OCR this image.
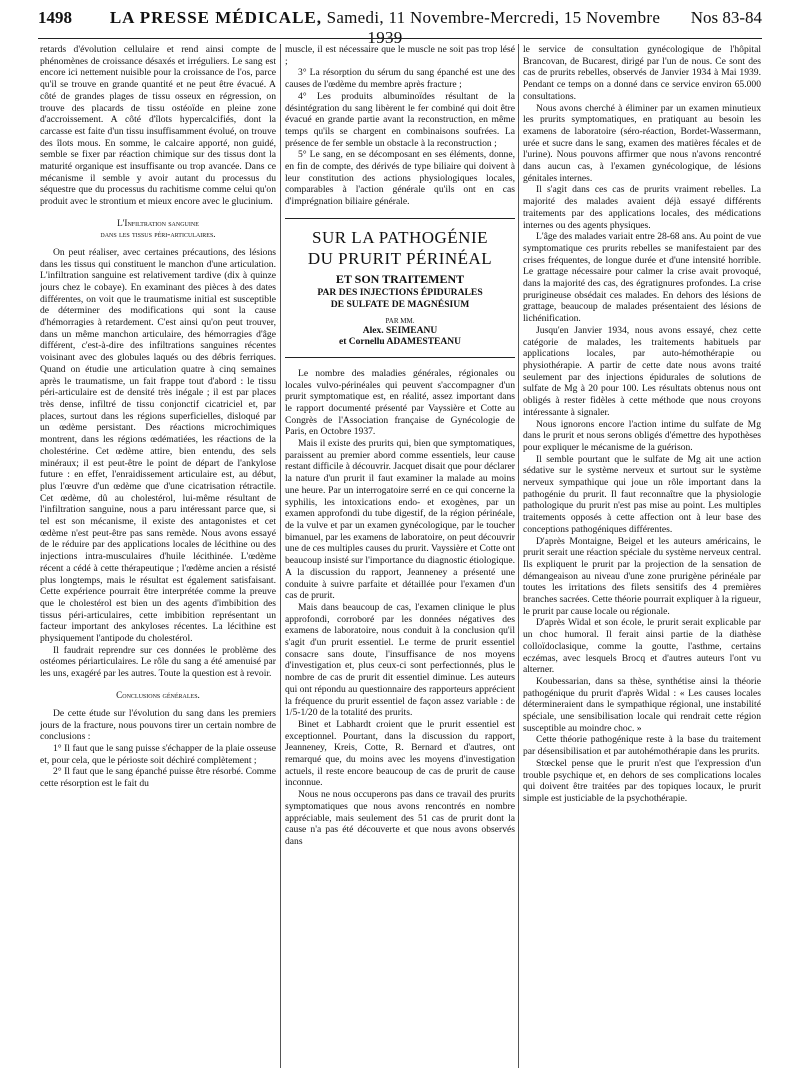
1498	LA PRESSE MÉDICALE, Samedi, 11 Novembre-Mercredi, 15 Novembre 1939
Nos 83-84

retards d'évolution cellulaire et rend ainsi compte de phénomènes de croissance désaxés et irréguliers. Le sang est encore ici nettement nuisible pour la croissance de l'os, parce qu'il se trouve en grande quantité et ne peut être évacué. A côté de grandes plages de tissu osseux en régression, on trouve des placards de tissu ostéoïde en pleine zone d'accroissement. A côté d'îlots hypercalcifiés, dont la carcasse est faite d'un tissu insuffisamment évolué, on trouve des îlots mous. En somme, le calcaire apporté, non guidé, semble se fixer par réaction chimique sur des tissus dont la maturité organique est insuffisante ou trop avancée. Dans ce mécanisme il semble y avoir autant du processus du séquestre que du processus du rachitisme comme celui qu'on produit avec le strontium et mieux encore avec le glucinium.

L'Infiltration sanguine
dans les tissus péri-articulaires.

On peut réaliser, avec certaines précautions, des lésions dans les tissus qui constituent le manchon d'une articulation. L'infiltration sanguine est relativement tardive (dix à quinze jours chez le cobaye). En examinant des pièces à des dates différentes, on voit que le traumatisme initial est susceptible de déterminer des modifications qui sont la cause d'hémorragies à retardement. C'est ainsi qu'on peut trouver, dans un même manchon articulaire, des hémorragies d'âge différent, c'est-à-dire des infiltrations sanguines récentes voisinant avec des globules laqués ou des débris ferriques. Quand on étudie une articulation quatre à cinq semaines après le traumatisme, un fait frappe tout d'abord : le tissu péri-articulaire est de densité très inégale ; il est par places très dense, infiltré de tissu conjonctif cicatriciel et, par places, surtout dans les régions superficielles, disloqué par un œdème persistant. Des réactions microchimiques montrent, dans les régions œdématiées, les réactions de la cholestérine. Cet œdème attire, bien entendu, des sels minéraux; il est peut-être le point de départ de l'ankylose future : en effet, l'enraidissement articulaire est, au début, plus l'œuvre d'un œdème que d'une cicatrisation rétractile. Cet œdème, dû au cholestérol, lui-même résultant de l'infiltration sanguine, nous a paru intéressant parce que, si tel est son mécanisme, il existe des antagonistes et cet œdème n'est peut-être pas sans remède. Nous avons essayé de le réduire par des applications locales de lécithine ou des injections intra-musculaires d'huile lécithinée. L'œdème récent a cédé à cette thérapeutique ; l'œdème ancien a résisté plus longtemps, mais le résultat est également satisfaisant. Cette expérience pourrait être interprétée comme la preuve que le cholestérol est bien un des agents d'imbibition des tissus péri-articulaires, cette imbibition représentant un facteur important des ankyloses récentes. La lécithine est physiquement l'antipode du cholestérol.

Il faudrait reprendre sur ces données le problème des ostéomes périarticulaires. Le rôle du sang a été amenuisé par les uns, exagéré par les autres. Toute la question est à revoir.

Conclusions générales.

De cette étude sur l'évolution du sang dans les premiers jours de la fracture, nous pouvons tirer un certain nombre de conclusions :

1° Il faut que le sang puisse s'échapper de la plaie osseuse et, pour cela, que le périoste soit déchiré complètement ;

2° Il faut que le sang épanché puisse être résorbé. Comme cette résorption est le fait du

muscle, il est nécessaire que le muscle ne soit pas trop lésé ;

3° La résorption du sérum du sang épanché est une des causes de l'œdème du membre après fracture ;

4° Les produits albuminoïdes résultant de la désintégration du sang libèrent le fer combiné qui doit être évacué en grande partie avant la reconstruction, en même temps qu'ils se chargent en combinaisons soufrées. La présence de fer semble un obstacle à la reconstruction ;

5° Le sang, en se décomposant en ses éléments, donne, en fin de compte, des dérivés de type biliaire qui doivent à leur constitution des actions physiologiques locales, comparables à l'action générale qu'ils ont en cas d'imprégnation biliaire générale.

SUR LA PATHOGÉNIE
DU PRURIT PÉRINÉAL
ET SON TRAITEMENT
PAR DES INJECTIONS ÉPIDURALES
DE SULFATE DE MAGNÉSIUM
PAR MM.
Alex. SEIMEANU
et Cornellu ADAMESTEANU

Le nombre des maladies générales, régionales ou locales vulvo-périnéales qui peuvent s'accompagner d'un prurit symptomatique est, en réalité, assez important dans le rapport documenté présenté par Vayssière et Cotte au Congrès de l'Association française de Gynécologie de Paris, en Octobre 1937.

Mais il existe des prurits qui, bien que symptomatiques, paraissent au premier abord comme essentiels, leur cause restant difficile à découvrir. Jacquet disait que pour déclarer la nature d'un prurit il faut examiner la malade au moins une heure. Par un interrogatoire serré en ce qui concerne la syphilis, les intoxications endo- et exogènes, par un examen approfondi du tube digestif, de la région périnéale, de la vulve et par un examen gynécologique, par le toucher bimanuel, par les examens de laboratoire, on peut découvrir une de ces multiples causes du prurit. Vayssière et Cotte ont beaucoup insisté sur l'importance du diagnostic étiologique. A la discussion du rapport, Jeanneney a présenté une conduite à suivre parfaite et détaillée pour l'examen d'un cas de prurit.

Mais dans beaucoup de cas, l'examen clinique le plus approfondi, corroboré par les données négatives des examens de laboratoire, nous conduit à la conclusion qu'il s'agit d'un prurit essentiel. Le terme de prurit essentiel consacre sans doute, l'insuffisance de nos moyens d'investigation et, plus ceux-ci sont perfectionnés, plus le nombre de cas de prurit dit essentiel diminue. Les auteurs qui ont répondu au questionnaire des rapporteurs apprécient la fréquence du prurit essentiel de façon assez variable : de 1/5-1/20 de la totalité des prurits.

Binet et Labhardt croient que le prurit essentiel est exceptionnel. Pourtant, dans la discussion du rapport, Jeanneney, Kreis, Cotte, R. Bernard et d'autres, ont remarqué que, du moins avec les moyens d'investigation actuels, il reste encore beaucoup de cas de prurit de cause inconnue.

Nous ne nous occuperons pas dans ce travail des prurits symptomatiques que nous avons rencontrés en nombre appréciable, mais seulement des 51 cas de prurit dont la cause n'a pas été découverte et que nous avons observés dans

le service de consultation gynécologique de l'hôpital Brancovan, de Bucarest, dirigé par l'un de nous. Ce sont des cas de prurits rebelles, observés de Janvier 1934 à Mai 1939. Pendant ce temps on a donné dans ce service environ 65.000 consultations.

Nous avons cherché à éliminer par un examen minutieux les prurits symptomatiques, en pratiquant au besoin les examens de laboratoire (séro-réaction, Bordet-Wassermann, urée et sucre dans le sang, examen des matières fécales et de l'urine). Nous pouvons affirmer que nous n'avons rencontré dans aucun cas, à l'examen gynécologique, de lésions génitales internes.

Il s'agit dans ces cas de prurits vraiment rebelles. La majorité des malades avaient déjà essayé différents traitements par des applications locales, des médications internes ou des agents physiques.

L'âge des malades variait entre 28-68 ans. Au point de vue symptomatique ces prurits rebelles se manifestaient par des crises fréquentes, de longue durée et d'une intensité horrible. Le grattage nécessaire pour calmer la crise avait provoqué, dans la majorité des cas, des égratignures profondes. La crise prurigineuse obsédait ces malades. En dehors des lésions de grattage, beaucoup de malades présentaient des lésions de lichénification.

Jusqu'en Janvier 1934, nous avons essayé, chez cette catégorie de malades, les traitements habituels par applications locales, par auto-hémothérapie ou physiothérapie. A partir de cette date nous avons traité seulement par des injections épidurales de solutions de sulfate de Mg à 20 pour 100. Les résultats obtenus nous ont obligés à rester fidèles à cette méthode que nous croyons intéressante à signaler.

Nous ignorons encore l'action intime du sulfate de Mg dans le prurit et nous serons obligés d'émettre des hypothèses pour expliquer le mécanisme de la guérison.

Il semble pourtant que le sulfate de Mg ait une action sédative sur le système nerveux et surtout sur le système nerveux sympathique qui joue un rôle important dans la pathogénie du prurit. Il faut reconnaître que la physiologie pathologique du prurit n'est pas mise au point. Les multiples traitements opposés à cette affection ont à leur base des conceptions pathogéniques différentes.

D'après Montaigne, Beigel et les auteurs américains, le prurit serait une réaction spéciale du système nerveux central. Ils expliquent le prurit par la projection de la sensation de démangeaison au niveau d'une zone prurigène périnéale par toutes les irritations des filets sensitifs des 4 premières branches sacrées. Cette théorie pourrait expliquer à la rigueur, le prurit par cause locale ou régionale.

D'après Widal et son école, le prurit serait explicable par un choc humoral. Il ferait ainsi partie de la diathèse colloïdoclasique, comme la goutte, l'asthme, certains eczémas, avec lesquels Brocq et d'autres auteurs l'ont vu alterner.

Koubessarian, dans sa thèse, synthétise ainsi la théorie pathogénique du prurit d'après Widal : « Les causes locales détermineraient dans le sympathique régional, une instabilité spéciale, une sensibilisation locale qui rendrait cette région susceptible au moindre choc. »

Cette théorie pathogénique reste à la base du traitement par désensibilisation et par autohémothérapie dans les prurits.

Stœckel pense que le prurit n'est que l'expression d'un trouble psychique et, en dehors de ses complications locales qui doivent être traitées par des topiques locaux, le prurit simple est justiciable de la psychothérapie.
